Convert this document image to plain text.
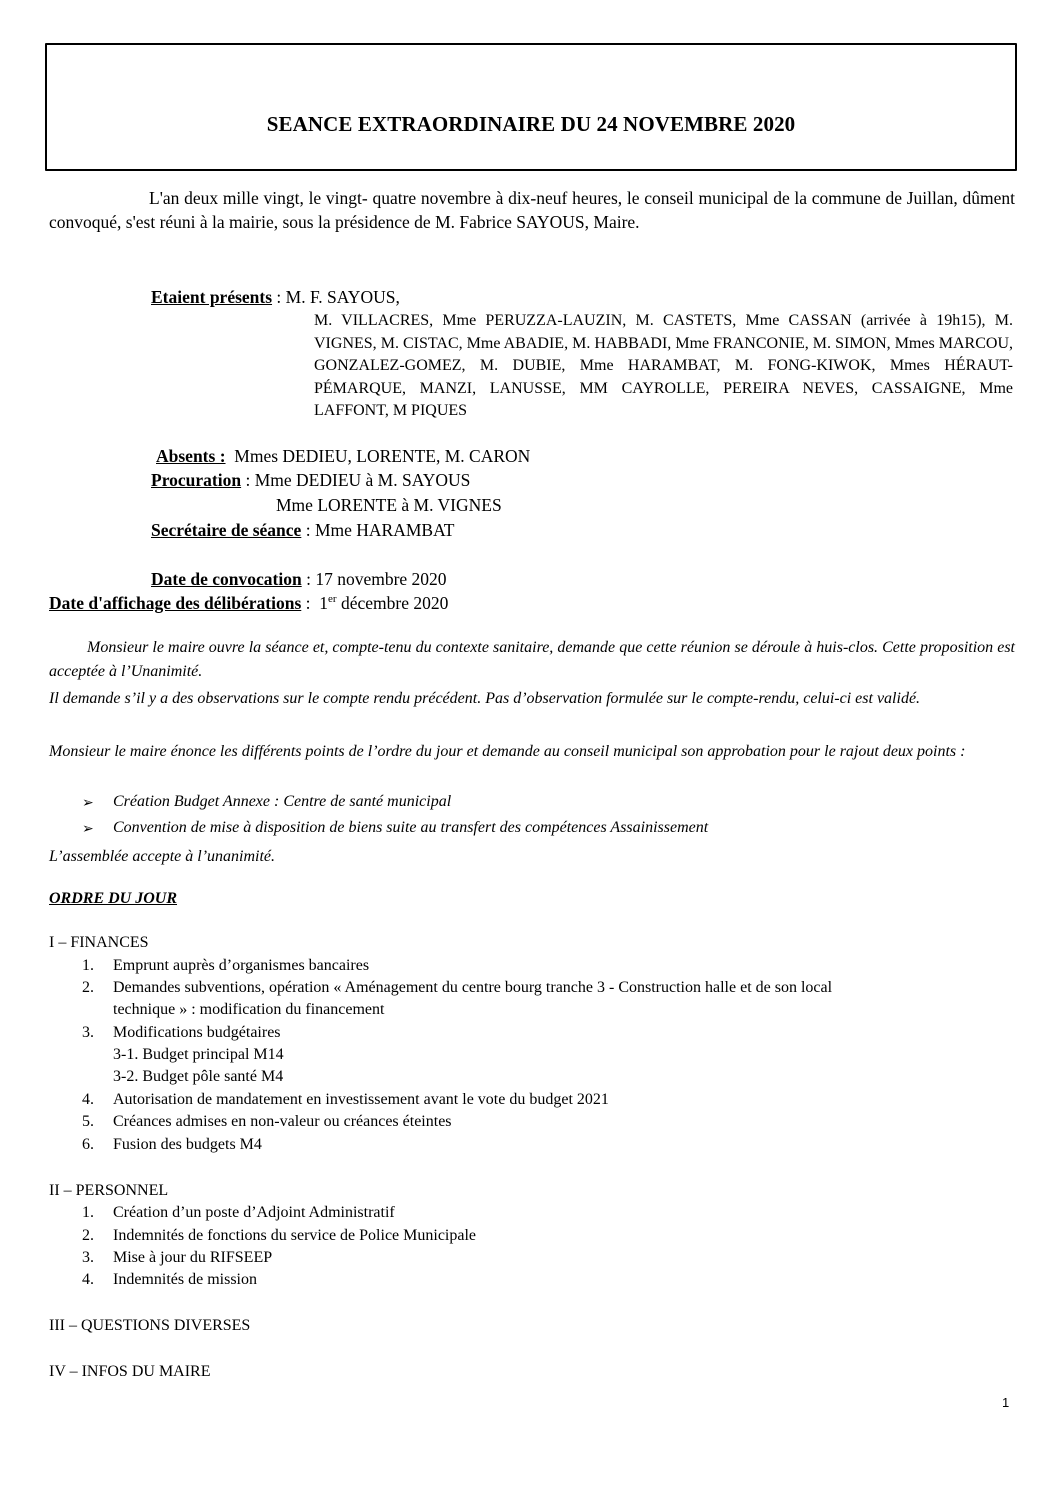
SEANCE EXTRAORDINAIRE DU 24 NOVEMBRE 2020
L'an deux mille vingt, le vingt- quatre novembre à dix-neuf heures, le conseil municipal de la commune de Juillan, dûment convoqué, s'est réuni à la mairie, sous la présidence de M. Fabrice SAYOUS, Maire.
Etaient présents : M. F. SAYOUS,
M. VILLACRES, Mme PERUZZA-LAUZIN, M. CASTETS, Mme CASSAN (arrivée à 19h15), M. VIGNES, M. CISTAC, Mme ABADIE, M. HABBADI, Mme FRANCONIE, M. SIMON, Mmes MARCOU, GONZALEZ-GOMEZ, M. DUBIE, Mme HARAMBAT, M. FONG-KIWOK, Mmes HÉRAUT-PÉMARQUE, MANZI, LANUSSE, MM CAYROLLE, PEREIRA NEVES, CASSAIGNE, Mme LAFFONT, M PIQUES
Absents : Mmes DEDIEU, LORENTE, M. CARON
Procuration : Mme DEDIEU à M. SAYOUS
Mme LORENTE à M. VIGNES
Secrétaire de séance : Mme HARAMBAT
Date de convocation : 17 novembre 2020
Date d'affichage des délibérations :  1er décembre 2020
Monsieur le maire ouvre la séance et, compte-tenu du contexte sanitaire, demande que cette réunion se déroule à huis-clos. Cette proposition est acceptée à l’Unanimité.
Il demande s’il y a des observations sur le compte rendu précédent. Pas d’observation formulée sur le compte-rendu, celui-ci est validé.
Monsieur le maire énonce les différents points de l’ordre du jour et demande au conseil municipal son approbation pour le rajout deux points :
➢ Création Budget Annexe : Centre de santé municipal
➢ Convention de mise à disposition de biens suite au transfert des compétences Assainissement
L’assemblée accepte à l’unanimité.
ORDRE DU JOUR
I – FINANCES
1. Emprunt auprès d’organismes bancaires
2. Demandes subventions, opération « Aménagement du centre bourg tranche 3 - Construction halle et de son local
technique » : modification du financement
3. Modifications budgétaires
3-1. Budget principal M14
3-2. Budget pôle santé M4
4. Autorisation de mandatement en investissement avant le vote du budget 2021
5. Créances admises en non-valeur ou créances éteintes
6. Fusion des budgets M4
II – PERSONNEL
1. Création d’un poste d’Adjoint Administratif
2. Indemnités de fonctions du service de Police Municipale
3. Mise à jour du RIFSEEP
4. Indemnités de mission
III – QUESTIONS DIVERSES
IV – INFOS DU MAIRE
1
